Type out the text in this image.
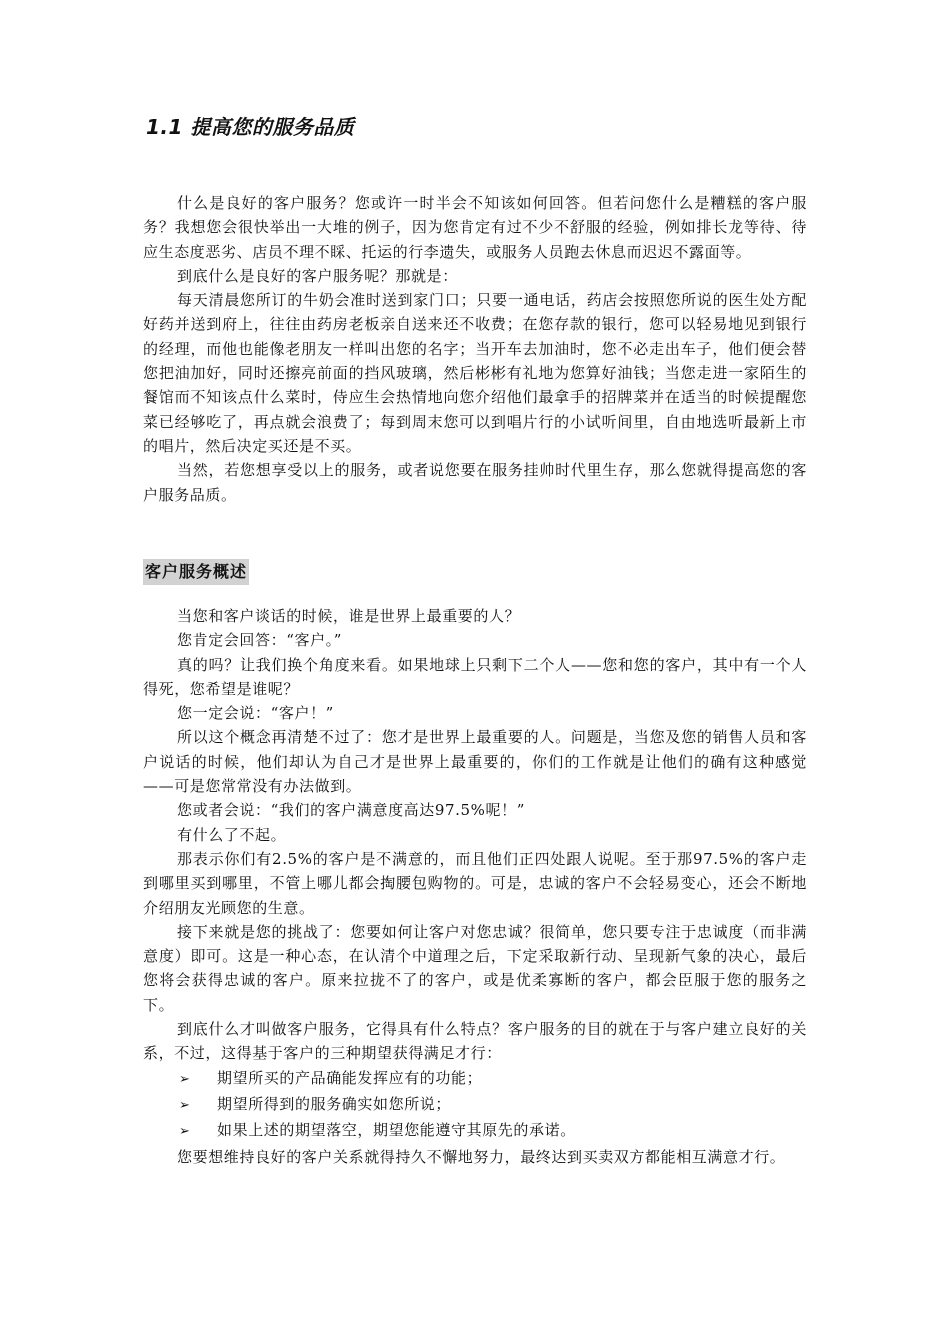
1.1 提高您的服务品质

什么是良好的客户服务？您或许一时半会不知该如何回答。但若问您什么是糟糕的客户服务？我想您会很快举出一大堆的例子，因为您肯定有过不少不舒服的经验，例如排长龙等待、待应生态度恶劣、店员不理不睬、托运的行李遗失，或服务人员跑去休息而迟迟不露面等。

到底什么是良好的客户服务呢？那就是：

每天清晨您所订的牛奶会准时送到家门口；只要一通电话，药店会按照您所说的医生处方配好药并送到府上，往往由药房老板亲自送来还不收费；在您存款的银行，您可以轻易地见到银行的经理，而他也能像老朋友一样叫出您的名字；当开车去加油时，您不必走出车子，他们便会替您把油加好，同时还擦亮前面的挡风玻璃，然后彬彬有礼地为您算好油钱；当您走进一家陌生的餐馆而不知该点什么菜时，侍应生会热情地向您介绍他们最拿手的招牌菜并在适当的时候提醒您菜已经够吃了，再点就会浪费了；每到周末您可以到唱片行的小试听间里，自由地选听最新上市的唱片，然后决定买还是不买。

当然，若您想享受以上的服务，或者说您要在服务挂帅时代里生存，那么您就得提高您的客户服务品质。

客户服务概述

当您和客户谈话的时候，谁是世界上最重要的人？

您肯定会回答：“客户。”

真的吗？让我们换个角度来看。如果地球上只剩下二个人——您和您的客户，其中有一个人得死，您希望是谁呢？

您一定会说：“客户！”

所以这个概念再清楚不过了：您才是世界上最重要的人。问题是，当您及您的销售人员和客户说话的时候，他们却认为自己才是世界上最重要的，你们的工作就是让他们的确有这种感觉——可是您常常没有办法做到。

您或者会说：“我们的客户满意度高达97.5%呢！”

有什么了不起。

那表示你们有2.5%的客户是不满意的，而且他们正四处跟人说呢。至于那97.5%的客户走到哪里买到哪里，不管上哪儿都会掏腰包购物的。可是，忠诚的客户不会轻易变心，还会不断地介绍朋友光顾您的生意。

接下来就是您的挑战了：您要如何让客户对您忠诚？很简单，您只要专注于忠诚度（而非满意度）即可。这是一种心态，在认清个中道理之后，下定采取新行动、呈现新气象的决心，最后您将会获得忠诚的客户。原来拉拢不了的客户，或是优柔寡断的客户，都会臣服于您的服务之下。

到底什么才叫做客户服务，它得具有什么特点？客户服务的目的就在于与客户建立良好的关系，不过，这得基于客户的三种期望获得满足才行：

➢	期望所买的产品确能发挥应有的功能；
➢	期望所得到的服务确实如您所说；
➢	如果上述的期望落空，期望您能遵守其原先的承诺。

您要想维持良好的客户关系就得持久不懈地努力，最终达到买卖双方都能相互满意才行。
